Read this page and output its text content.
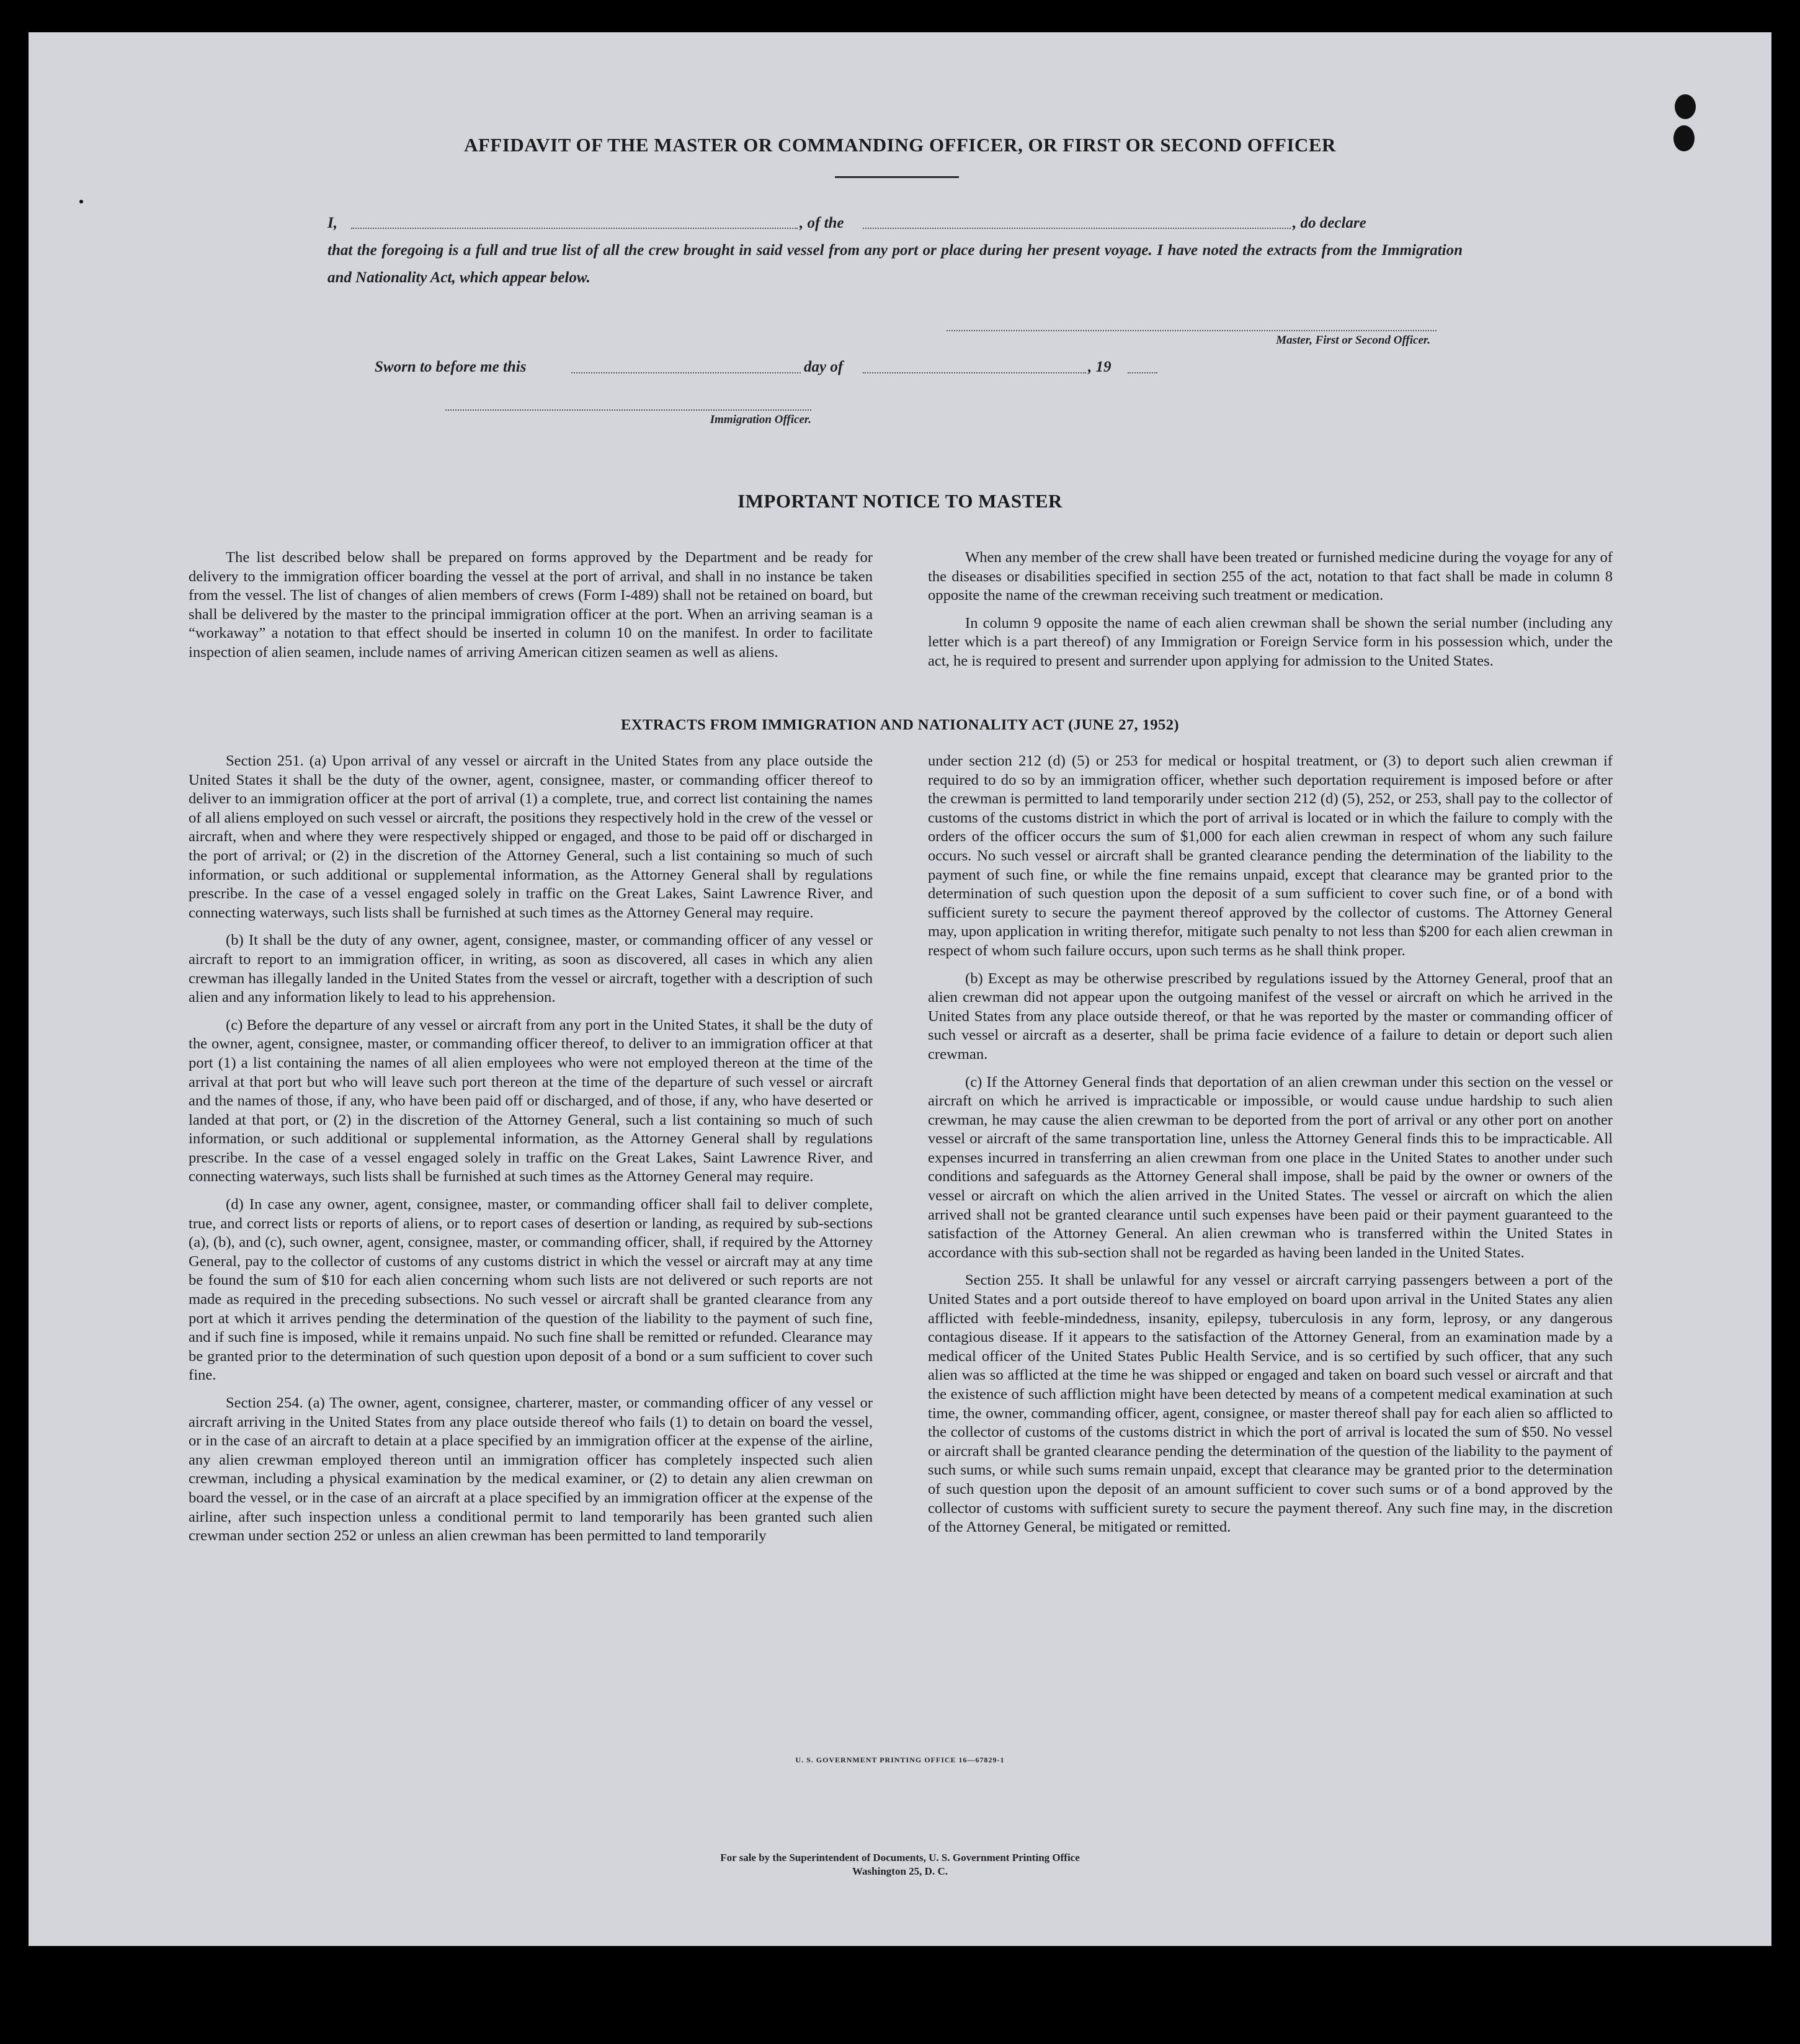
AFFIDAVIT OF THE MASTER OR COMMANDING OFFICER, OR FIRST OR SECOND OFFICER
I,	, of the	, do declare
that the foregoing is a full and true list of all the crew brought in said vessel from any port or place during her present voyage. I have noted the extracts from the Immigration and Nationality Act, which appear below.
Master, First or Second Officer.
Sworn to before me this	day of	, 19
Immigration Officer.
IMPORTANT NOTICE TO MASTER

The list described below shall be prepared on forms approved by the Department and be ready for delivery to the immigration officer boarding the vessel at the port of arrival, and shall in no instance be taken from the vessel. The list of changes of alien members of crews (Form I-489) shall not be retained on board, but shall be delivered by the master to the principal immigration officer at the port. When an arriving seaman is a “workaway” a notation to that effect should be inserted in column 10 on the manifest. In order to facilitate inspection of alien seamen, include names of arriving American citizen seamen as well as aliens.

When any member of the crew shall have been treated or furnished medicine during the voyage for any of the diseases or disabilities specified in section 255 of the act, notation to that fact shall be made in column 8 opposite the name of the crewman receiving such treatment or medication.

In column 9 opposite the name of each alien crewman shall be shown the serial number (including any letter which is a part thereof) of any Immigration or Foreign Service form in his possession which, under the act, he is required to present and surrender upon applying for admission to the United States.

EXTRACTS FROM IMMIGRATION AND NATIONALITY ACT (JUNE 27, 1952)

Section 251. (a) Upon arrival of any vessel or aircraft in the United States from any place outside the United States it shall be the duty of the owner, agent, consignee, master, or commanding officer thereof to deliver to an immigration officer at the port of arrival (1) a complete, true, and correct list containing the names of all aliens employed on such vessel or aircraft, the positions they respectively hold in the crew of the vessel or aircraft, when and where they were respectively shipped or engaged, and those to be paid off or discharged in the port of arrival; or (2) in the discretion of the Attorney General, such a list containing so much of such information, or such additional or supplemental information, as the Attorney General shall by regulations prescribe. In the case of a vessel engaged solely in traffic on the Great Lakes, Saint Lawrence River, and connecting waterways, such lists shall be furnished at such times as the Attorney General may require.

(b) It shall be the duty of any owner, agent, consignee, master, or commanding officer of any vessel or aircraft to report to an immigration officer, in writing, as soon as discovered, all cases in which any alien crewman has illegally landed in the United States from the vessel or aircraft, together with a description of such alien and any information likely to lead to his apprehension.

(c) Before the departure of any vessel or aircraft from any port in the United States, it shall be the duty of the owner, agent, consignee, master, or commanding officer thereof, to deliver to an immigration officer at that port (1) a list containing the names of all alien employees who were not employed thereon at the time of the arrival at that port but who will leave such port thereon at the time of the departure of such vessel or aircraft and the names of those, if any, who have been paid off or discharged, and of those, if any, who have deserted or landed at that port, or (2) in the discretion of the Attorney General, such a list containing so much of such information, or such additional or supplemental information, as the Attorney General shall by regulations prescribe. In the case of a vessel engaged solely in traffic on the Great Lakes, Saint Lawrence River, and connecting waterways, such lists shall be furnished at such times as the Attorney General may require.

(d) In case any owner, agent, consignee, master, or commanding officer shall fail to deliver complete, true, and correct lists or reports of aliens, or to report cases of desertion or landing, as required by sub-sections (a), (b), and (c), such owner, agent, consignee, master, or commanding officer, shall, if required by the Attorney General, pay to the collector of customs of any customs district in which the vessel or aircraft may at any time be found the sum of $10 for each alien concerning whom such lists are not delivered or such reports are not made as required in the preceding subsections. No such vessel or aircraft shall be granted clearance from any port at which it arrives pending the determination of the question of the liability to the payment of such fine, and if such fine is imposed, while it remains unpaid. No such fine shall be remitted or refunded. Clearance may be granted prior to the determination of such question upon deposit of a bond or a sum sufficient to cover such fine.

Section 254. (a) The owner, agent, consignee, charterer, master, or commanding officer of any vessel or aircraft arriving in the United States from any place outside thereof who fails (1) to detain on board the vessel, or in the case of an aircraft to detain at a place specified by an immigration officer at the expense of the airline, any alien crewman employed thereon until an immigration officer has completely inspected such alien crewman, including a physical examination by the medical examiner, or (2) to detain any alien crewman on board the vessel, or in the case of an aircraft at a place specified by an immigration officer at the expense of the airline, after such inspection unless a conditional permit to land temporarily has been granted such alien crewman under section 252 or unless an alien crewman has been permitted to land temporarily

under section 212 (d) (5) or 253 for medical or hospital treatment, or (3) to deport such alien crewman if required to do so by an immigration officer, whether such deportation requirement is imposed before or after the crewman is permitted to land temporarily under section 212 (d) (5), 252, or 253, shall pay to the collector of customs of the customs district in which the port of arrival is located or in which the failure to comply with the orders of the officer occurs the sum of $1,000 for each alien crewman in respect of whom any such failure occurs. No such vessel or aircraft shall be granted clearance pending the determination of the liability to the payment of such fine, or while the fine remains unpaid, except that clearance may be granted prior to the determination of such question upon the deposit of a sum sufficient to cover such fine, or of a bond with sufficient surety to secure the payment thereof approved by the collector of customs. The Attorney General may, upon application in writing therefor, mitigate such penalty to not less than $200 for each alien crewman in respect of whom such failure occurs, upon such terms as he shall think proper.

(b) Except as may be otherwise prescribed by regulations issued by the Attorney General, proof that an alien crewman did not appear upon the outgoing manifest of the vessel or aircraft on which he arrived in the United States from any place outside thereof, or that he was reported by the master or commanding officer of such vessel or aircraft as a deserter, shall be prima facie evidence of a failure to detain or deport such alien crewman.

(c) If the Attorney General finds that deportation of an alien crewman under this section on the vessel or aircraft on which he arrived is impracticable or impossible, or would cause undue hardship to such alien crewman, he may cause the alien crewman to be deported from the port of arrival or any other port on another vessel or aircraft of the same transportation line, unless the Attorney General finds this to be impracticable. All expenses incurred in transferring an alien crewman from one place in the United States to another under such conditions and safeguards as the Attorney General shall impose, shall be paid by the owner or owners of the vessel or aircraft on which the alien arrived in the United States. The vessel or aircraft on which the alien arrived shall not be granted clearance until such expenses have been paid or their payment guaranteed to the satisfaction of the Attorney General. An alien crewman who is transferred within the United States in accordance with this sub-section shall not be regarded as having been landed in the United States.

Section 255. It shall be unlawful for any vessel or aircraft carrying passengers between a port of the United States and a port outside thereof to have employed on board upon arrival in the United States any alien afflicted with feeble-mindedness, insanity, epilepsy, tuberculosis in any form, leprosy, or any dangerous contagious disease. If it appears to the satisfaction of the Attorney General, from an examination made by a medical officer of the United States Public Health Service, and is so certified by such officer, that any such alien was so afflicted at the time he was shipped or engaged and taken on board such vessel or aircraft and that the existence of such affliction might have been detected by means of a competent medical examination at such time, the owner, commanding officer, agent, consignee, or master thereof shall pay for each alien so afflicted to the collector of customs of the customs district in which the port of arrival is located the sum of $50. No vessel or aircraft shall be granted clearance pending the determination of the question of the liability to the payment of such sums, or while such sums remain unpaid, except that clearance may be granted prior to the determination of such question upon the deposit of an amount sufficient to cover such sums or of a bond approved by the collector of customs with sufficient surety to secure the payment thereof. Any such fine may, in the discretion of the Attorney General, be mitigated or remitted.

U. S. GOVERNMENT PRINTING OFFICE 16—67829-1
For sale by the Superintendent of Documents, U. S. Government Printing Office
Washington 25, D. C.
